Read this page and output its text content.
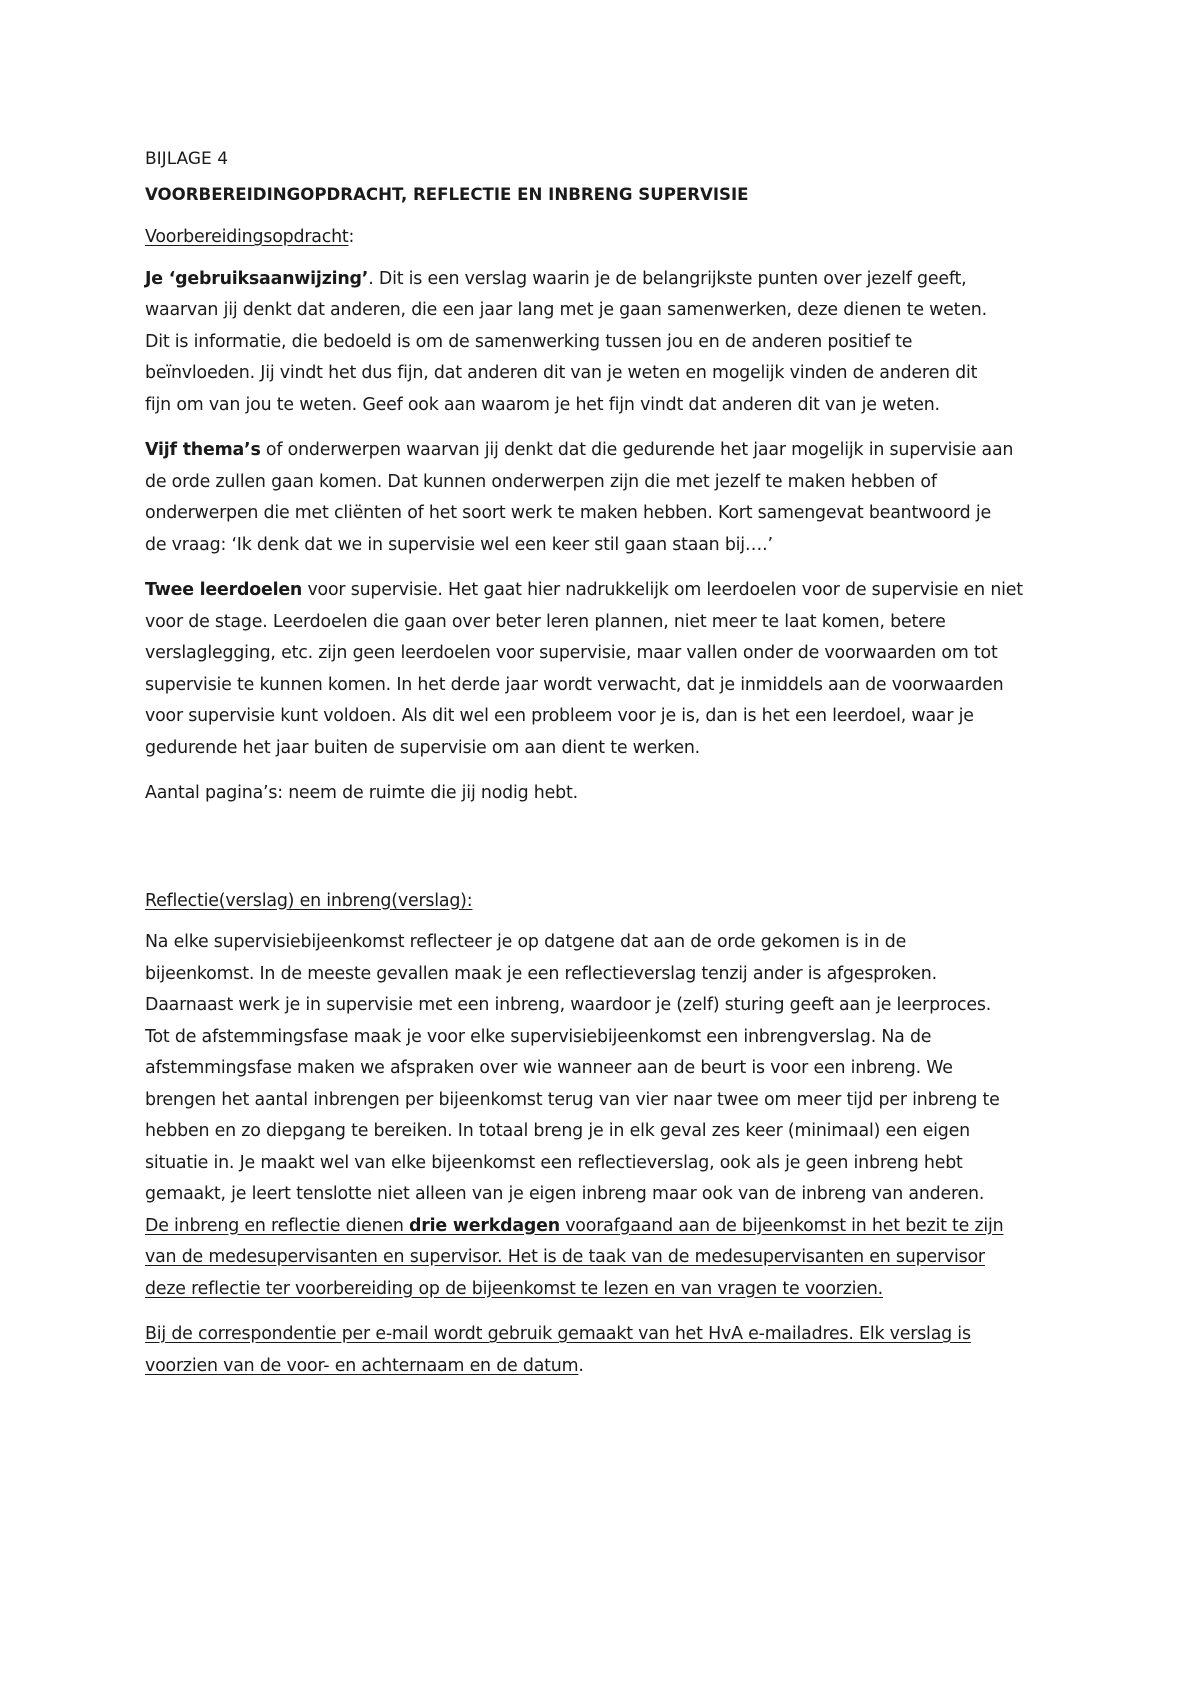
BIJLAGE 4
VOORBEREIDINGOPDRACHT, REFLECTIE EN INBRENG SUPERVISIE
Voorbereidingsopdracht:
Je ‘gebruiksaanwijzing’. Dit is een verslag waarin je de belangrijkste punten over jezelf geeft,
waarvan jij denkt dat anderen, die een jaar lang met je gaan samenwerken, deze dienen te weten.
Dit is informatie, die bedoeld is om de samenwerking tussen jou en de anderen positief te
beïnvloeden. Jij vindt het dus fijn, dat anderen dit van je weten en mogelijk vinden de anderen dit
fijn om van jou te weten. Geef ook aan waarom je het fijn vindt dat anderen dit van je weten.
Vijf thema’s of onderwerpen waarvan jij denkt dat die gedurende het jaar mogelijk in supervisie aan
de orde zullen gaan komen. Dat kunnen onderwerpen zijn die met jezelf te maken hebben of
onderwerpen die met cliënten of het soort werk te maken hebben. Kort samengevat beantwoord je
de vraag: ‘Ik denk dat we in supervisie wel een keer stil gaan staan bij….’
Twee leerdoelen voor supervisie. Het gaat hier nadrukkelijk om leerdoelen voor de supervisie en niet
voor de stage. Leerdoelen die gaan over beter leren plannen, niet meer te laat komen, betere
verslaglegging, etc. zijn geen leerdoelen voor supervisie, maar vallen onder de voorwaarden om tot
supervisie te kunnen komen. In het derde jaar wordt verwacht, dat je inmiddels aan de voorwaarden
voor supervisie kunt voldoen. Als dit wel een probleem voor je is, dan is het een leerdoel, waar je
gedurende het jaar buiten de supervisie om aan dient te werken.
Aantal pagina’s: neem de ruimte die jij nodig hebt.
Reflectie(verslag) en inbreng(verslag):
Na elke supervisiebijeenkomst reflecteer je op datgene dat aan de orde gekomen is in de
bijeenkomst. In de meeste gevallen maak je een reflectieverslag tenzij ander is afgesproken.
Daarnaast werk je in supervisie met een inbreng, waardoor je (zelf) sturing geeft aan je leerproces.
Tot de afstemmingsfase maak je voor elke supervisiebijeenkomst een inbrengverslag. Na de
afstemmingsfase maken we afspraken over wie wanneer aan de beurt is voor een inbreng. We
brengen het aantal inbrengen per bijeenkomst terug van vier naar twee om meer tijd per inbreng te
hebben en zo diepgang te bereiken. In totaal breng je in elk geval zes keer (minimaal) een eigen
situatie in. Je maakt wel van elke bijeenkomst een reflectieverslag, ook als je geen inbreng hebt
gemaakt, je leert tenslotte niet alleen van je eigen inbreng maar ook van de inbreng van anderen.
De inbreng en reflectie dienen drie werkdagen voorafgaand aan de bijeenkomst in het bezit te zijn
van de medesupervisanten en supervisor. Het is de taak van de medesupervisanten en supervisor
deze reflectie ter voorbereiding op de bijeenkomst te lezen en van vragen te voorzien.
Bij de correspondentie per e-mail wordt gebruik gemaakt van het HvA e-mailadres. Elk verslag is
voorzien van de voor- en achternaam en de datum.
